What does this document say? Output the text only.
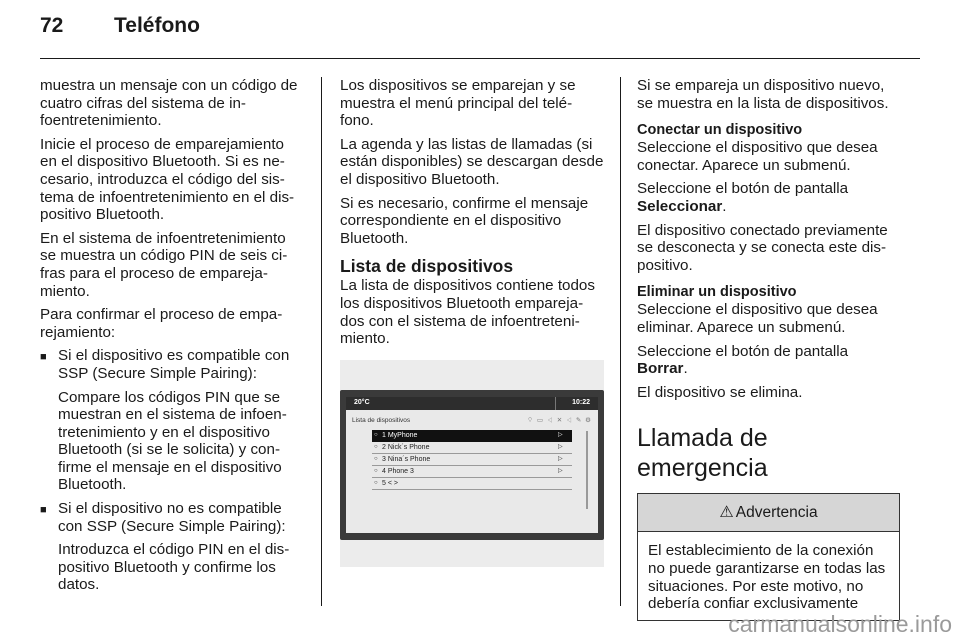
72	Teléfono

muestra un mensaje con un código de cuatro cifras del sistema de in- foentretenimiento.

Inicie el proceso de emparejamiento en el dispositivo Bluetooth. Si es ne- cesario, introduzca el código del sis- tema de infoentretenimiento en el dis- positivo Bluetooth.

En el sistema de infoentretenimiento se muestra un código PIN de seis ci- fras para el proceso de empareja- miento.

Para confirmar el proceso de empa- rejamiento:

■ Si el dispositivo es compatible con SSP (Secure Simple Pairing):

Compare los códigos PIN que se muestran en el sistema de infoen- tretenimiento y en el dispositivo Bluetooth (si se le solicita) y con- firme el mensaje en el dispositivo Bluetooth.

■ Si el dispositivo no es compatible con SSP (Secure Simple Pairing):

Introduzca el código PIN en el dis- positivo Bluetooth y confirme los datos.

Los dispositivos se emparejan y se muestra el menú principal del telé- fono.

La agenda y las listas de llamadas (si están disponibles) se descargan desde el dispositivo Bluetooth.

Si es necesario, confirme el mensaje correspondiente en el dispositivo Bluetooth.

Lista de dispositivos

La lista de dispositivos contiene todos los dispositivos Bluetooth empareja- dos con el sistema de infoentreteni- miento.

20°C	10:22
Lista de dispositivos	⌔ ▭ ◁ ✕ ◁ ✎ ⚙
○ 1 MyPhone	▷
○ 2 Nick´s Phone	▷
○ 3 Nina´s Phone	▷
○ 4 Phone 3	▷
○ 5 < >

Si se empareja un dispositivo nuevo, se muestra en la lista de dispositivos.

Conectar un dispositivo

Seleccione el dispositivo que desea conectar. Aparece un submenú.

Seleccione el botón de pantalla
Seleccionar.

El dispositivo conectado previamente se desconecta y se conecta este dis- positivo.

Eliminar un dispositivo

Seleccione el dispositivo que desea eliminar. Aparece un submenú.

Seleccione el botón de pantalla
Borrar.

El dispositivo se elimina.

Llamada de emergencia
⚠ Advertencia
El establecimiento de la conexión no puede garantizarse en todas las situaciones. Por este motivo, no debería confiar exclusivamente
carmanualsonline.info
